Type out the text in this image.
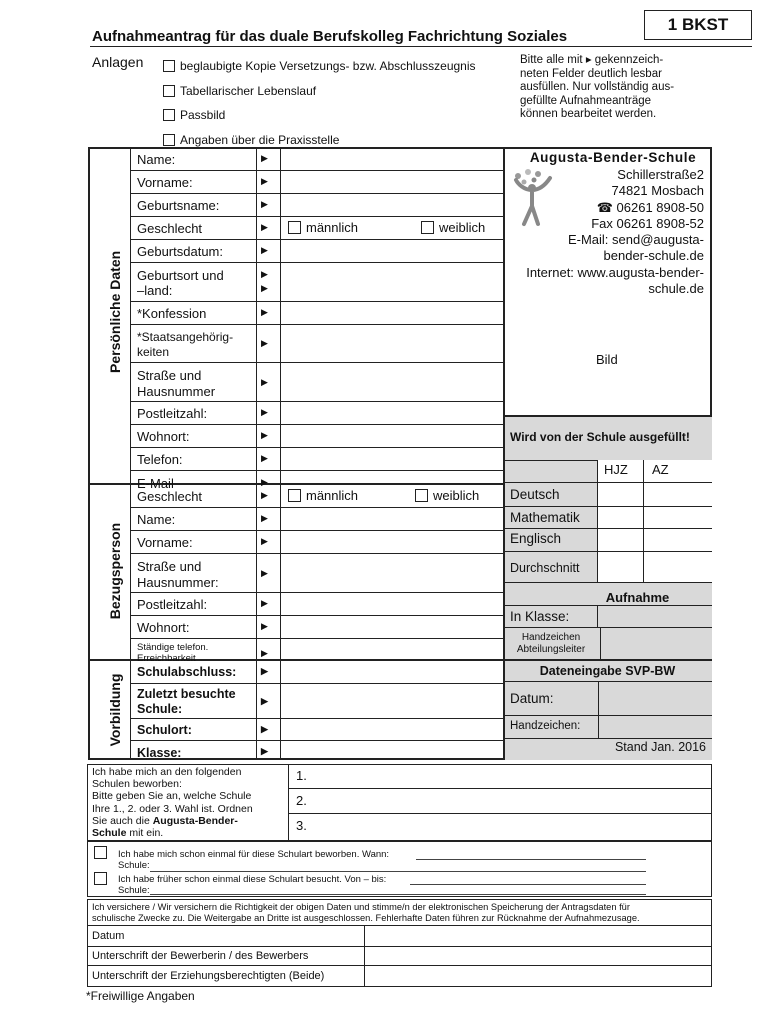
Aufnahmeantrag für das duale Berufskolleg Fachrichtung Soziales
1 BKST
Anlagen	beglaubigte Kopie Versetzungs- bzw. Abschlusszeugnis
Tabellarischer Lebenslauf
Passbild
Angaben über die Praxisstelle
Bitte alle mit ▸ gekennzeich-
neten Felder deutlich lesbar
ausfüllen. Nur vollständig aus-
gefüllte Aufnahmeanträge
können bearbeitet werden.
Persönliche Daten
Bezugsperson
Vorbildung
Name:	▶
Vorname:	▶
Geburtsname:	▶
Geschlecht	▶	männlich	weiblich
Geburtsdatum:	▶
Geburtsort und
–land:
▶
▶
*Konfession	▶
*Staatsangehörig-
keiten
▶
Straße und
Hausnummer
▶
Postleitzahl:	▶
Wohnort:	▶
Telefon:	▶
E-Mail	▶
Geschlecht	▶	männlich	weiblich
Name:	▶
Vorname:	▶
Straße und
Hausnummer:
▶
Postleitzahl:	▶
Wohnort:	▶
Ständige telefon.
Erreichbarkeit	▶
Schulabschluss:	▶
Zuletzt besuchte
Schule:
▶
Schulort:	▶
Klasse:	▶
Augusta-Bender-Schule
Schillerstraße2
74821 Mosbach
☎ 06261 8908-50
Fax 06261 8908-52
E-Mail: send@augusta-
bender-schule.de
Internet: www.augusta-bender-
schule.de
Bild
Wird von der Schule ausgefüllt!
HJZ AZ
Deutsch
Mathematik
Englisch
Durchschnitt
Aufnahme
In Klasse:
Handzeichen
Abteilungsleiter
Dateneingabe SVP-BW
Datum:
Handzeichen:
Stand Jan. 2016
Ich habe mich an den folgenden
Schulen beworben:
Bitte geben Sie an, welche Schule
Ihre 1., 2. oder 3. Wahl ist. Ordnen
Sie auch die Augusta-Bender-
Schule mit ein.
1.
2.
3.
Ich habe mich schon einmal für diese Schulart beworben. Wann:
Schule:
Ich habe früher schon einmal diese Schulart besucht. Von – bis:
Schule:
Ich versichere / Wir versichern die Richtigkeit der obigen Daten und stimme/n der elektronischen Speicherung der Antragsdaten für
schulische Zwecke zu. Die Weitergabe an Dritte ist ausgeschlossen. Fehlerhafte Daten führen zur Rücknahme der Aufnahmezusage.
Datum
Unterschrift der Bewerberin / des Bewerbers
Unterschrift der Erziehungsberechtigten (Beide)
*Freiwillige Angaben
